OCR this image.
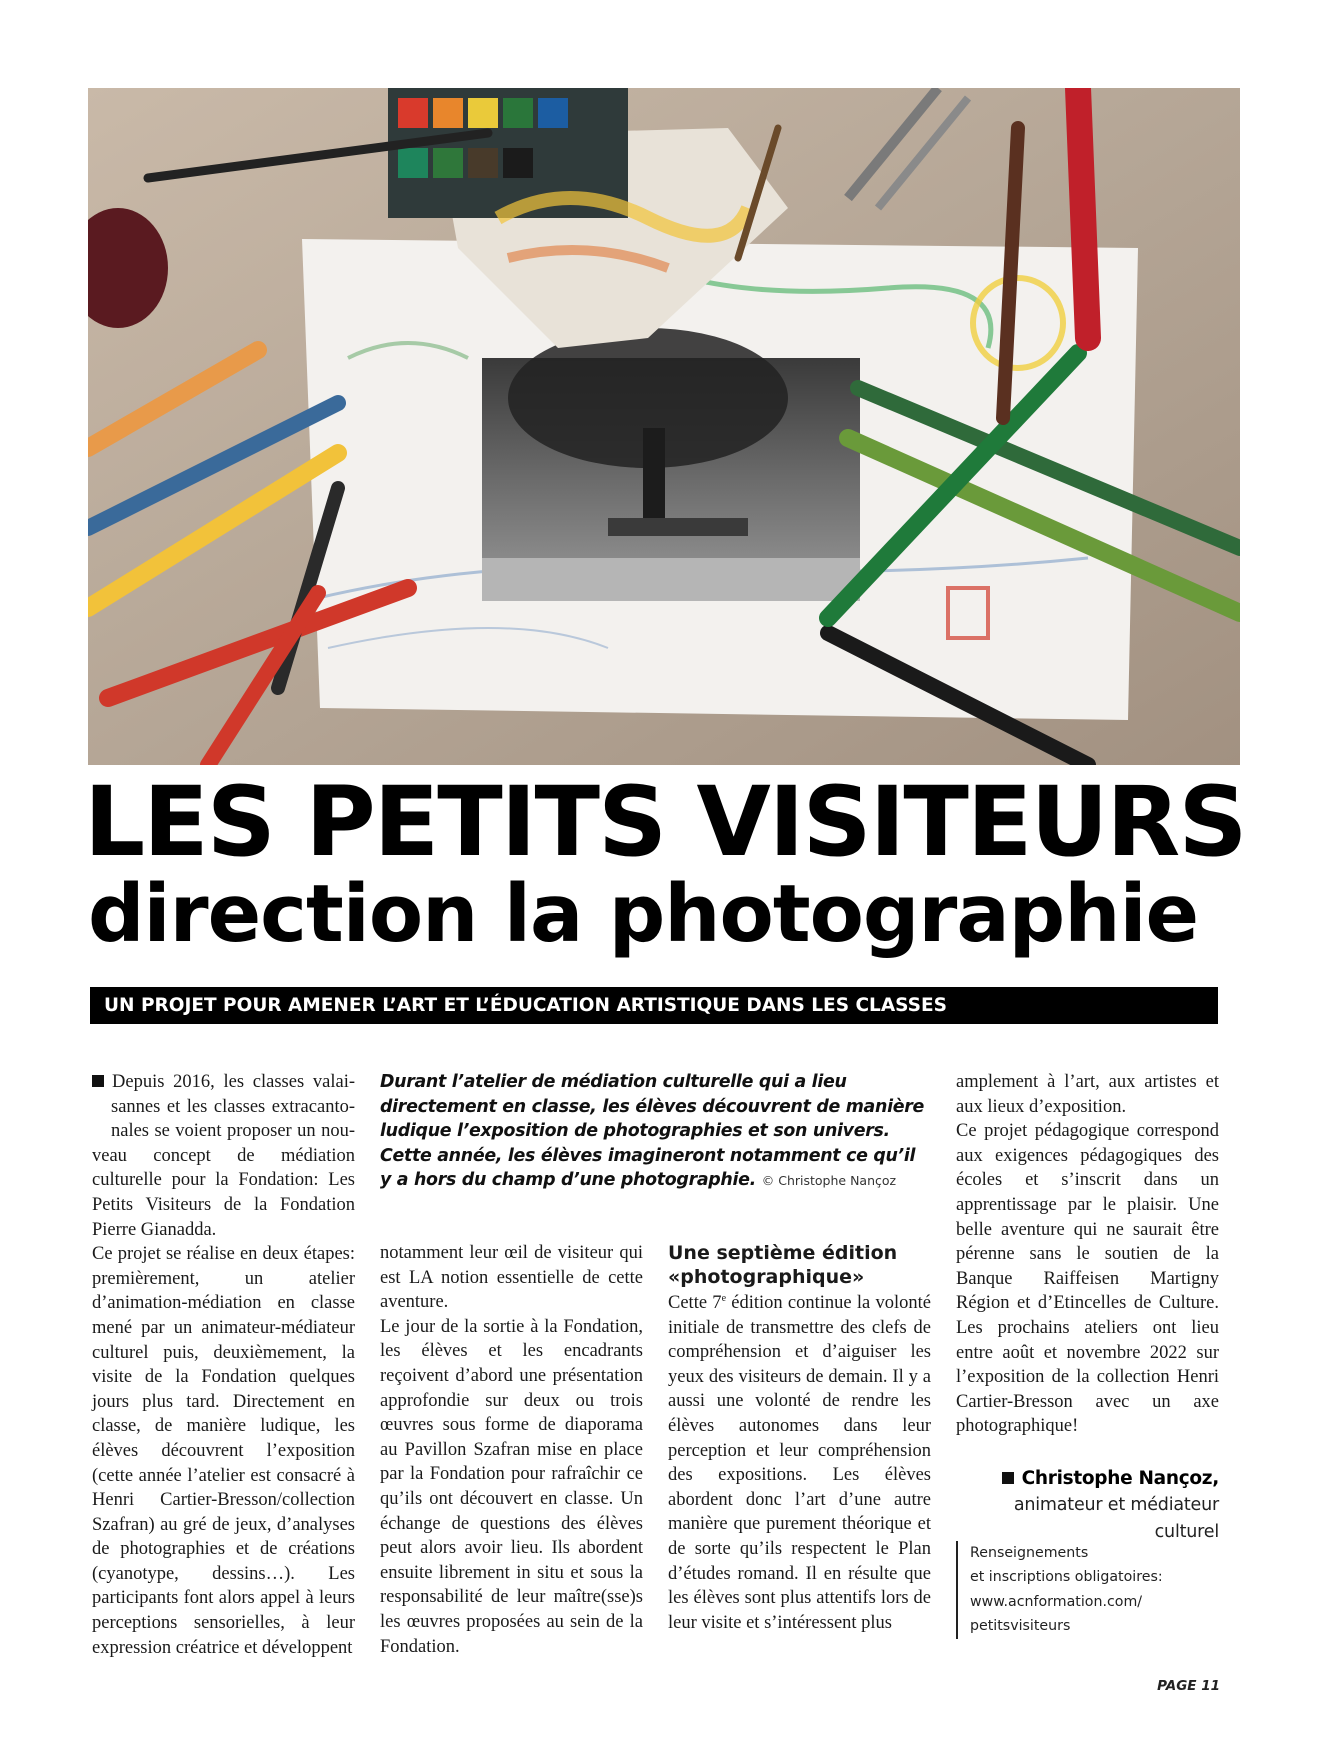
LES PETITS VISITEURS
direction la photographie
UN PROJET POUR AMENER L’ART ET L’ÉDUCATION ARTISTIQUE DANS LES CLASSES

Depuis 2016, les classes valai-
sannes et les classes extracanto-
nales se voient proposer un nou-
veau concept de médiation culturelle pour la Fondation: Les Petits Visiteurs de la Fondation Pierre Gianadda.

Ce projet se réalise en deux étapes: premièrement, un atelier d’animation-médiation en classe mené par un animateur-médiateur culturel puis, deuxièmement, la visite de la Fondation quelques jours plus tard. Directement en classe, de manière ludique, les élèves découvrent l’exposition (cette année l’atelier est consacré à Henri Cartier-Bresson/collection Szafran) au gré de jeux, d’analyses de photographies et de créations (cyanotype, dessins…). Les participants font alors appel à leurs perceptions sensorielles, à leur expression créatrice et développent

Durant l’atelier de médiation culturelle qui a lieu directement en classe, les élèves découvrent de manière ludique l’exposition de photographies et son univers. Cette année, les élèves imagineront notamment ce qu’il y a hors du champ d’une photographie. © Christophe Nançoz

notamment leur œil de visiteur qui est LA notion essentielle de cette aventure.

Le jour de la sortie à la Fondation, les élèves et les encadrants reçoivent d’abord une présentation approfondie sur deux ou trois œuvres sous forme de diaporama au Pavillon Szafran mise en place par la Fondation pour rafraîchir ce qu’ils ont découvert en classe. Un échange de questions des élèves peut alors avoir lieu. Ils abordent ensuite librement in situ et sous la responsabilité de leur maître(sse)s les œuvres proposées au sein de la Fondation.

Une septième édition
«photographique»

Cette 7e édition continue la volonté initiale de transmettre des clefs de compréhension et d’aiguiser les yeux des visiteurs de demain. Il y a aussi une volonté de rendre les élèves autonomes dans leur perception et leur compréhension des expositions. Les élèves abordent donc l’art d’une autre manière que purement théorique et de sorte qu’ils respectent le Plan d’études romand. Il en résulte que les élèves sont plus attentifs lors de leur visite et s’intéressent plus

amplement à l’art, aux artistes et aux lieux d’exposition.

Ce projet pédagogique correspond aux exigences pédagogiques des écoles et s’inscrit dans un apprentissage par le plaisir. Une belle aventure qui ne saurait être pérenne sans le soutien de la Banque Raiffeisen Martigny Région et d’Etincelles de Culture. Les prochains ateliers ont lieu entre août et novembre 2022 sur l’exposition de la collection Henri Cartier-Bresson avec un axe photographique!

Christophe Nançoz,
animateur et médiateur culturel
Renseignements
et inscriptions obligatoires:
www.acnformation.com/
petitsvisiteurs
PAGE 11
